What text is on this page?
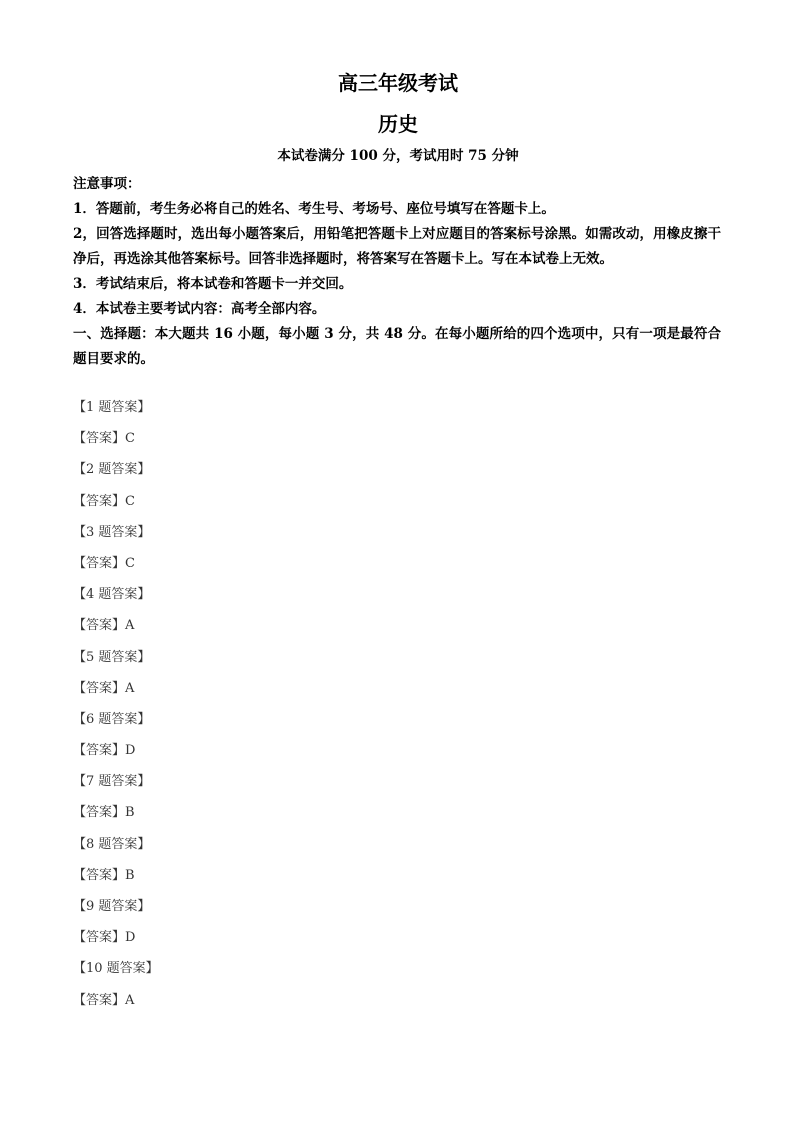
高三年级考试
历史
本试卷满分 100 分，考试用时 75 分钟

注意事项：

1．答题前，考生务必将自己的姓名、考生号、考场号、座位号填写在答题卡上。

2，回答选择题时，选出每小题答案后，用铅笔把答题卡上对应题目的答案标号涂黑。如需改动，用橡皮擦干净后，再选涂其他答案标号。回答非选择题时，将答案写在答题卡上。写在本试卷上无效。

3．考试结束后，将本试卷和答题卡一并交回。

4．本试卷主要考试内容：高考全部内容。

一、选择题：本大题共 16 小题，每小题 3 分，共 48 分。在每小题所给的四个选项中，只有一项是最符合题目要求的。

【1 题答案】

【答案】C

【2 题答案】

【答案】C

【3 题答案】

【答案】C

【4 题答案】

【答案】A

【5 题答案】

【答案】A

【6 题答案】

【答案】D

【7 题答案】

【答案】B

【8 题答案】

【答案】B

【9 题答案】

【答案】D

【10 题答案】

【答案】A
